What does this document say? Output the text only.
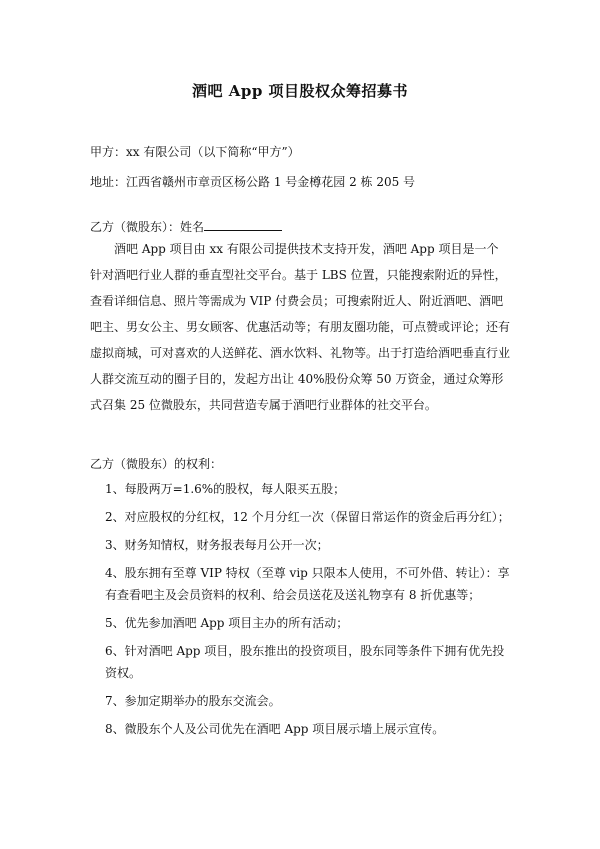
酒吧 App 项目股权众筹招募书
甲方：xx 有限公司（以下简称“甲方”）
地址：江西省赣州市章贡区杨公路 1 号金樽花园 2 栋 205 号
乙方（微股东）：姓名
酒吧 App 项目由 xx 有限公司提供技术支持开发，酒吧 App 项目是一个针对酒吧行业人群的垂直型社交平台。基于 LBS 位置，只能搜索附近的异性，查看详细信息、照片等需成为 VIP 付费会员；可搜索附近人、附近酒吧、酒吧吧主、男女公主、男女顾客、优惠活动等；有朋友圈功能，可点赞或评论；还有虚拟商城，可对喜欢的人送鲜花、酒水饮料、礼物等。出于打造给酒吧垂直行业人群交流互动的圈子目的，发起方出让 40%股份众筹 50 万资金，通过众筹形式召集 25 位微股东，共同营造专属于酒吧行业群体的社交平台。
乙方（微股东）的权利：
1、每股两万=1.6%的股权，每人限买五股；
2、对应股权的分红权，12 个月分红一次（保留日常运作的资金后再分红）；
3、财务知情权，财务报表每月公开一次；
4、股东拥有至尊 VIP 特权（至尊 vip 只限本人使用，不可外借、转让）：享有查看吧主及会员资料的权利、给会员送花及送礼物享有 8 折优惠等；
5、优先参加酒吧 App 项目主办的所有活动；
6、针对酒吧 App 项目，股东推出的投资项目，股东同等条件下拥有优先投资权。
7、参加定期举办的股东交流会。
8、微股东个人及公司优先在酒吧 App 项目展示墙上展示宣传。
